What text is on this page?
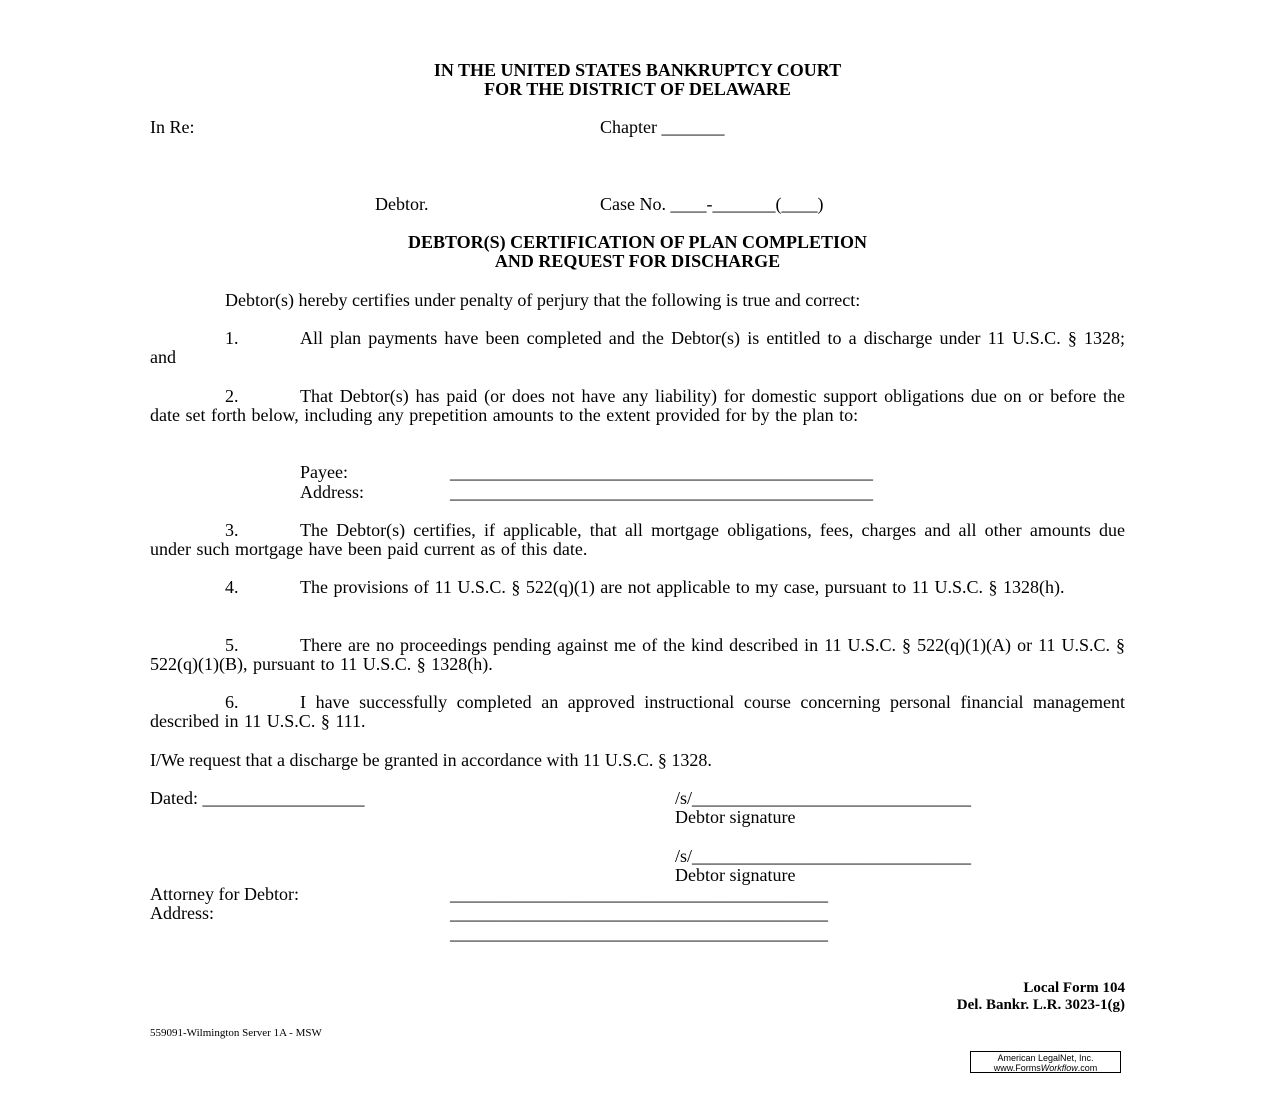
IN THE UNITED STATES BANKRUPTCY COURT
FOR THE DISTRICT OF DELAWARE
In Re:	Chapter _______
Debtor.	Case No. ____-_______(____)
DEBTOR(S) CERTIFICATION OF PLAN COMPLETION
AND REQUEST FOR DISCHARGE
Debtor(s) hereby certifies under penalty of perjury that the following is true and correct:
1.	All plan payments have been completed and the Debtor(s) is entitled to a discharge under 11 U.S.C. § 1328; and
2.	That Debtor(s) has paid (or does not have any liability) for domestic support obligations due on or before the date set forth below, including any prepetition amounts to the extent provided for by the plan to:
Payee:	_______________________________________________
Address:	_______________________________________________
3.	The Debtor(s) certifies, if applicable, that all mortgage obligations, fees, charges and all other amounts due under such mortgage have been paid current as of this date.
4.	The provisions of 11 U.S.C. § 522(q)(1) are not applicable to my case, pursuant to 11 U.S.C. § 1328(h).
5.	There are no proceedings pending against me of the kind described in 11 U.S.C. § 522(q)(1)(A) or 11 U.S.C. § 522(q)(1)(B), pursuant to 11 U.S.C. § 1328(h).
6.	I have successfully completed an approved instructional course concerning personal financial management described in 11 U.S.C. § 111.
I/We request that a discharge be granted in accordance with 11 U.S.C. § 1328.
Dated: __________________	/s/_______________________________
Debtor signature
/s/_______________________________
Debtor signature
Attorney for Debtor:	__________________________________________
Address:	__________________________________________
__________________________________________
Local Form 104
Del. Bankr. L.R. 3023-1(g)
559091-Wilmington Server 1A - MSW
American LegalNet, Inc.
www.FormsWorkflow.com
